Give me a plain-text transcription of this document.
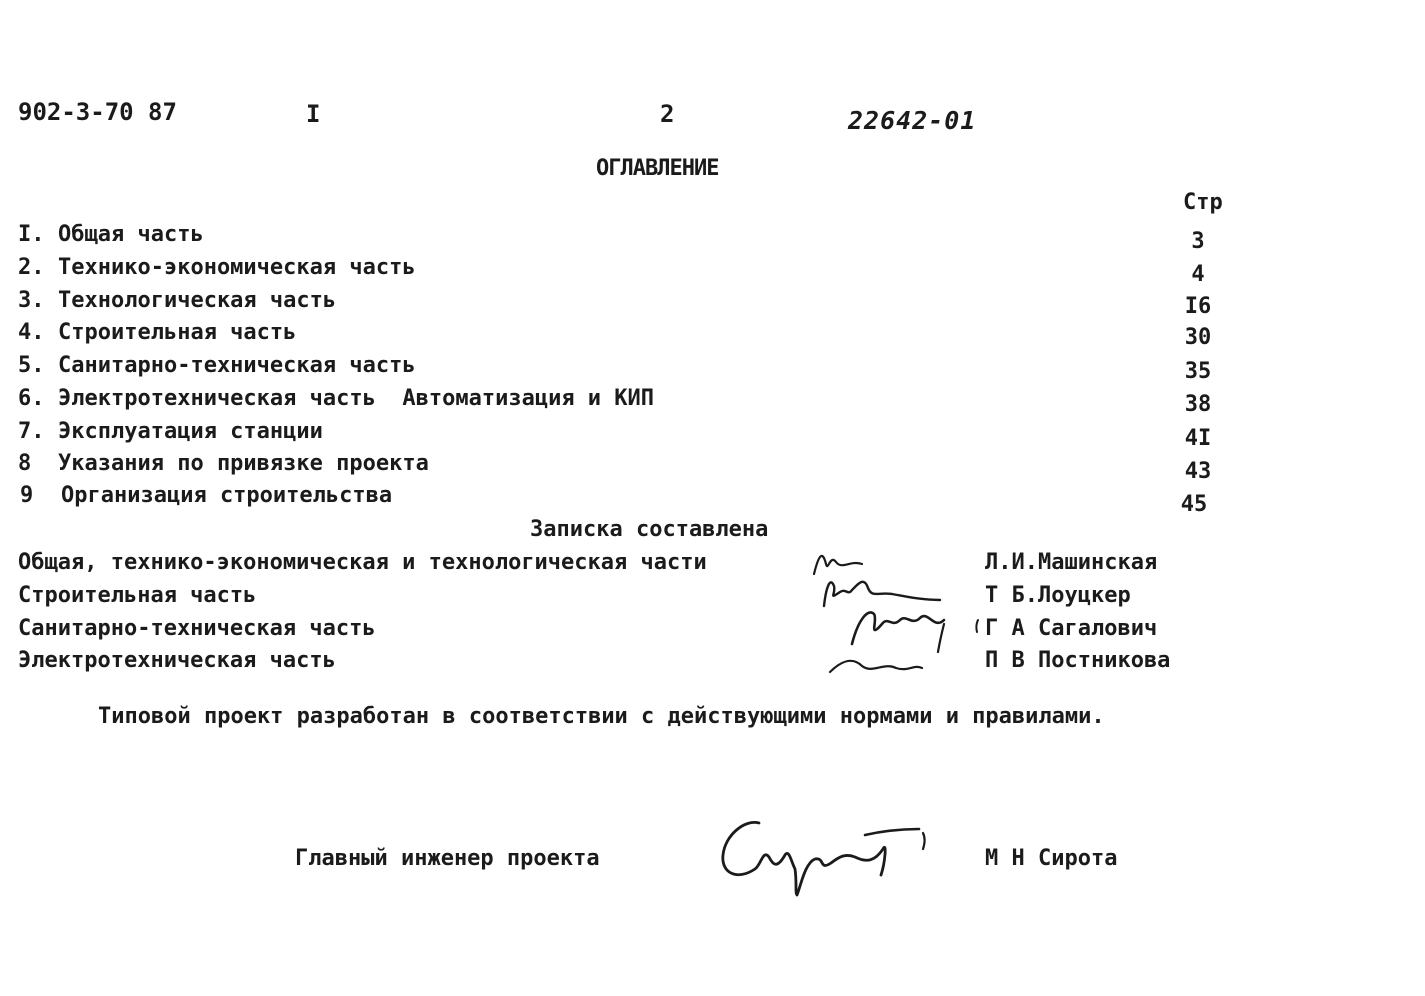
902-3-70 87	I	2	22642-01
ОГЛАВЛЕНИЕ
Стр
I. Общая часть	3
2. Технико-экономическая часть	4
3. Технологическая часть	I6
4. Строительная часть	30
5. Санитарно-техническая часть	35
6. Электротехническая часть  Автоматизация и КИП	38
7. Эксплуатация станции	4I
8	Указания по привязке проекта	43
9	Организация строительства	45
Записка составлена
Общая, технико-экономическая и технологическая части	Л.И.Машинская
Строительная часть	Т Б.Лоуцкер
Санитарно-техническая часть	Г А Сагалович
Электротехническая часть	П В Постникова
Типовой проект разработан в соответствии с действующими нормами и правилами.
Главный инженер проекта	М Н Сирота
